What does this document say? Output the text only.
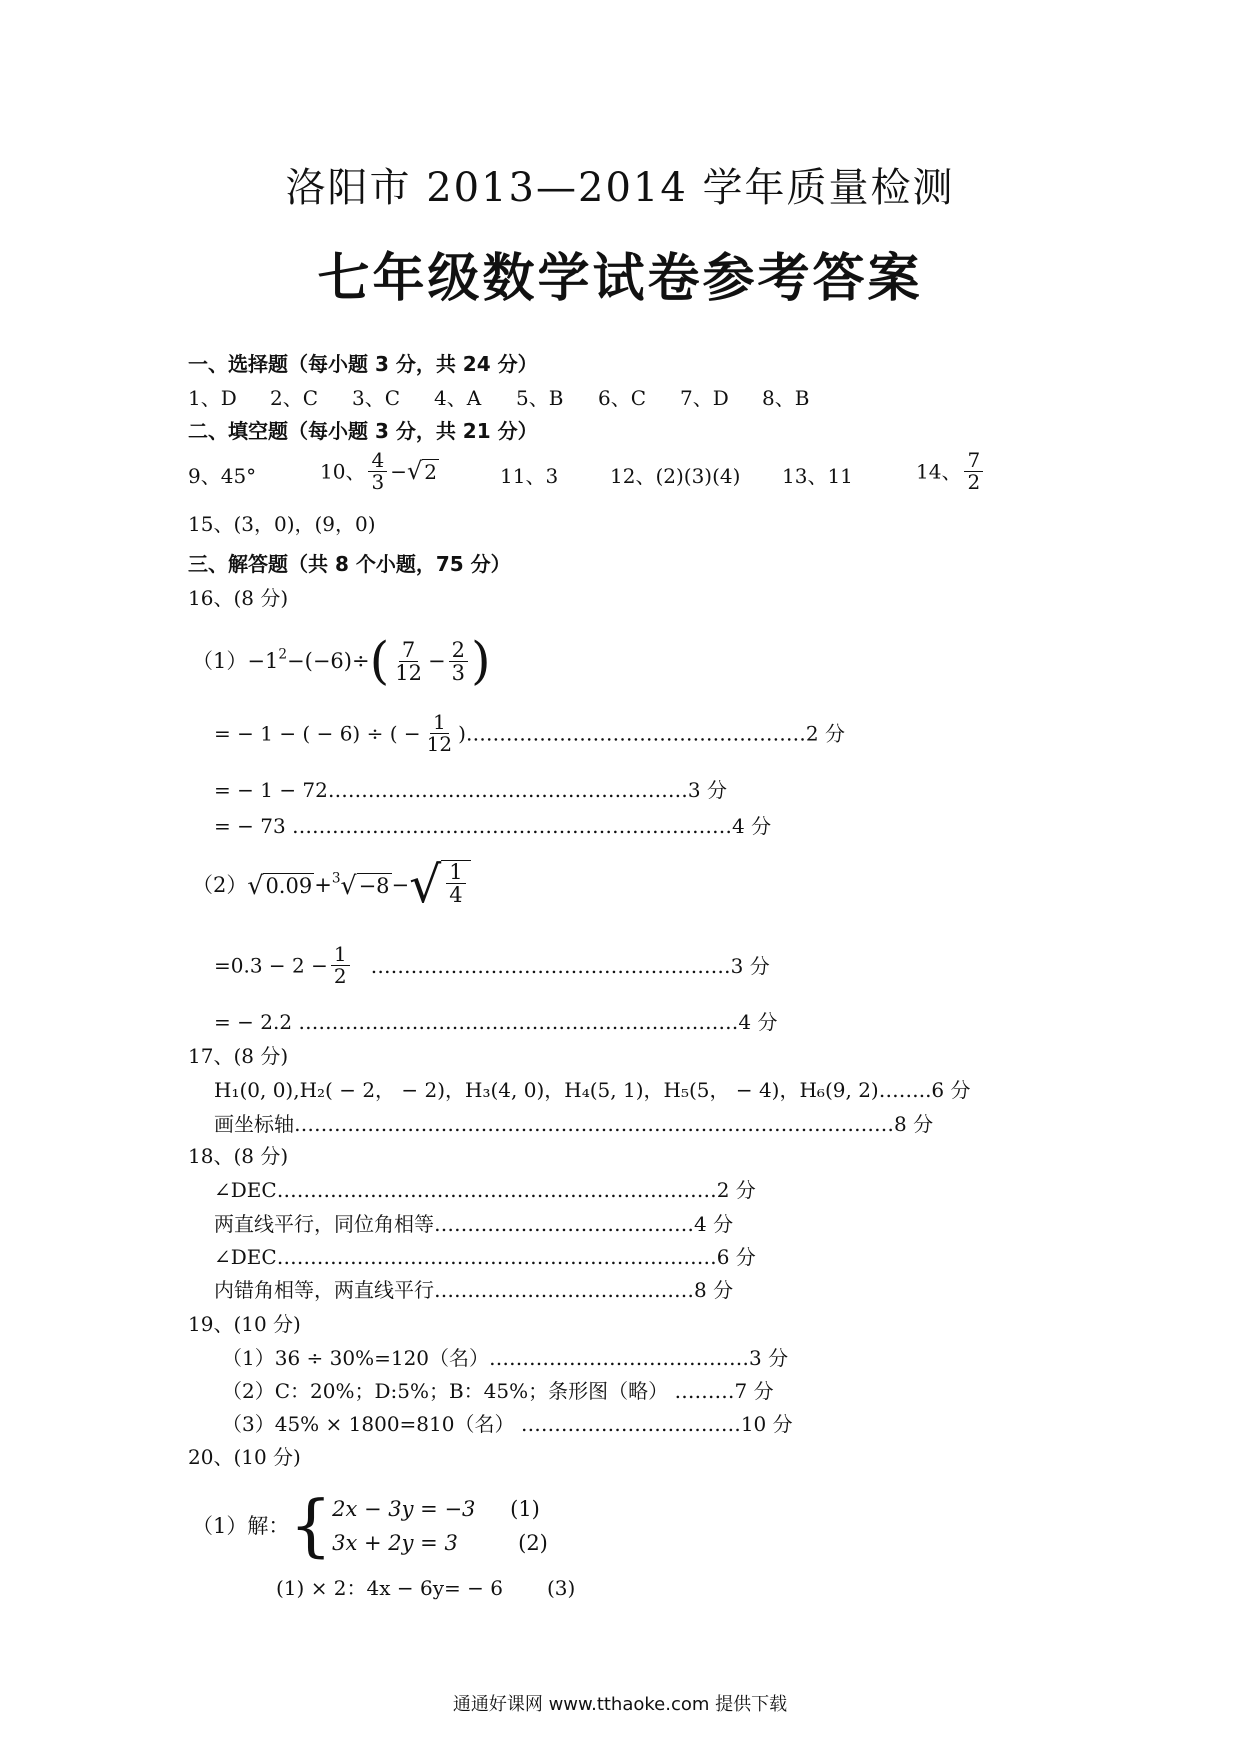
洛阳市 2013—2014 学年质量检测
七年级数学试卷参考答案
一、选择题（每小题 3 分，共 24 分）
1、D 2、C 3、C 4、A 5、B 6、C 7、D 8、B
二、填空题（每小题 3 分，共 21 分）
9、45°	10、 $\frac{4}{3}$ − √ 2	11、3	12、(2)(3)(4) 13、11	14、 $\frac{7}{2}$
15、(3，0)，(9，0)
三、解答题（共 8 个小题，75 分）
16、(8 分)
$(1)-1^2-(-6)\div( \frac{7}{12} - \frac{2}{3}$ )
= − 1 − ( − 6) ÷ ( − $\frac{1}{12}$ )……………………………………………2 分
= − 1 − 72………………………………………………3 分
= − 73 …………………………………………………………4 分
（2） √ 0.09 +$^3$ √ −8 − √ $\frac{1}{4}$
$=0.3 - 2 - \frac{1}{2}$ ………………………………………………3 分
= − 2.2 …………………………………………………………4 分
17、(8 分)
H₁(0, 0),H₂( − 2， − 2)，H₃(4, 0)，H₄(5, 1)，H₅(5， − 4)，H₆(9, 2)……..6 分
画坐标轴………………………………………………………………………………8 分
18、(8 分)
∠DEC…………………………………………………………2 分
两直线平行，同位角相等…………………………………4 分
∠DEC…………………………………………………………6 分
内错角相等，两直线平行…………………………………8 分
19、(10 分)
（1）36 ÷ 30%=120（名）…………………………………3 分
（2）C：20%；D:5%；B：45%；条形图（略） ………7 分
（3）45% × 1800=810（名） ……………………………10 分
20、(10 分)
（1）解：{ 2x − 3y = −3 (1)
3x + 2y = 3	(2)
(1) × 2：4x − 6y= − 6 (3)
通通好课网 www.tthaoke.com 提供下载
